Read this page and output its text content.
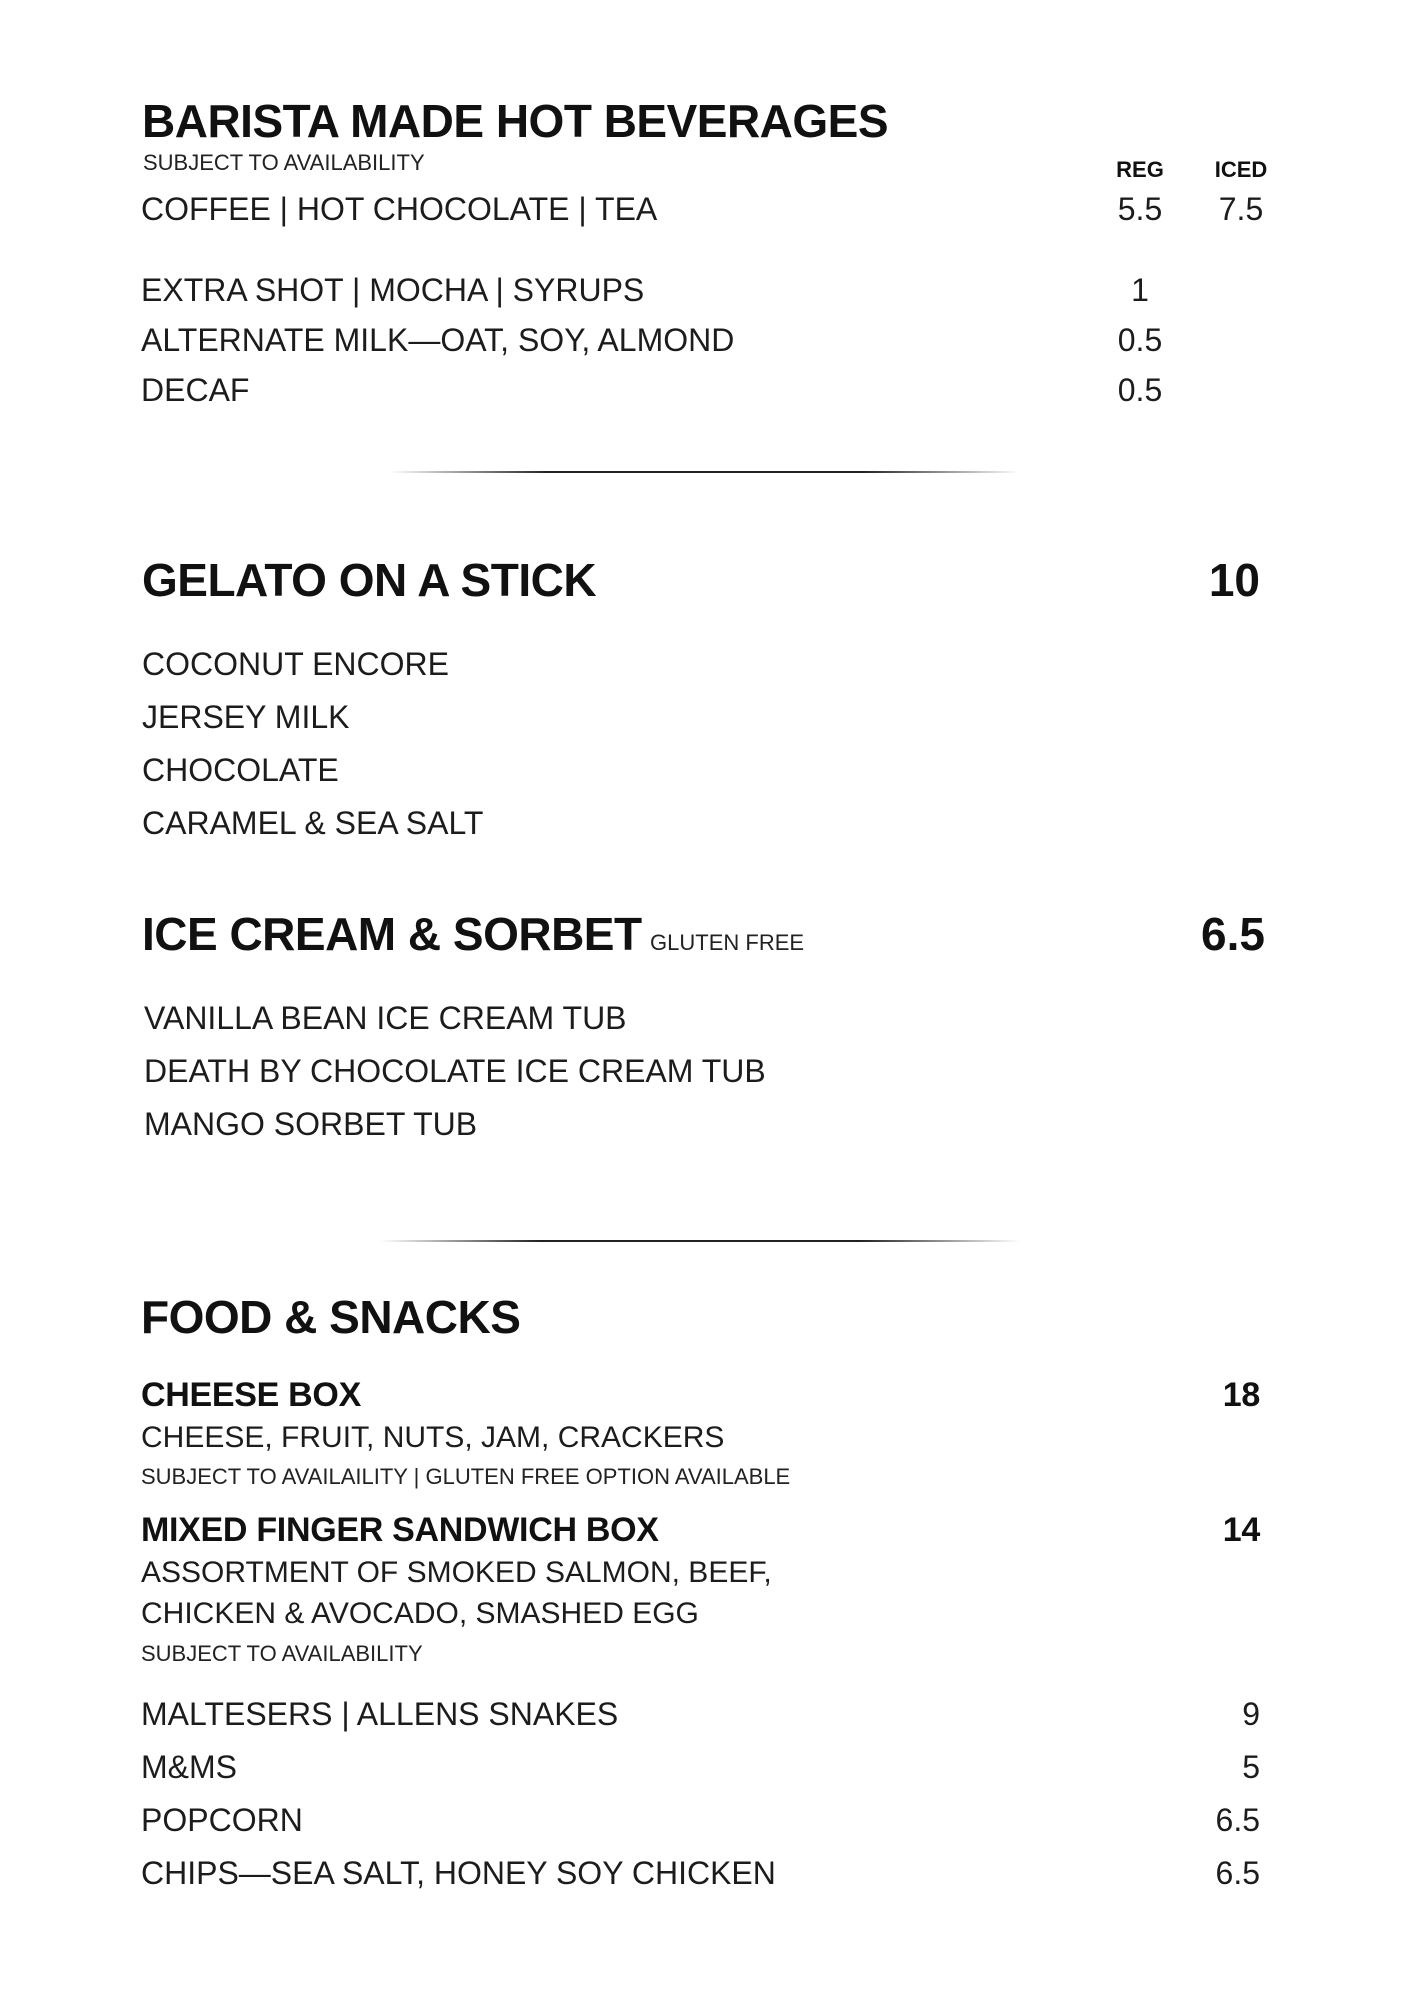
BARISTA MADE HOT BEVERAGES
SUBJECT TO AVAILABILITY	REG	ICED
COFFEE | HOT CHOCOLATE | TEA	5.5	7.5
EXTRA SHOT | MOCHA | SYRUPS	1
ALTERNATE MILK—OAT, SOY, ALMOND	0.5
DECAF	0.5
GELATO ON A STICK	10
COCONUT ENCORE
JERSEY MILK
CHOCOLATE
CARAMEL & SEA SALT
ICE CREAM & SORBET GLUTEN FREE	6.5
VANILLA BEAN ICE CREAM TUB
DEATH BY CHOCOLATE ICE CREAM TUB
MANGO SORBET TUB
FOOD & SNACKS
CHEESE BOX	18
CHEESE, FRUIT, NUTS, JAM, CRACKERS
SUBJECT TO AVAILAILITY | GLUTEN FREE OPTION AVAILABLE
MIXED FINGER SANDWICH BOX	14
ASSORTMENT OF SMOKED SALMON, BEEF,
CHICKEN & AVOCADO, SMASHED EGG
SUBJECT TO AVAILABILITY
MALTESERS | ALLENS SNAKES	9
M&MS	5
POPCORN	6.5
CHIPS—SEA SALT, HONEY SOY CHICKEN	6.5
